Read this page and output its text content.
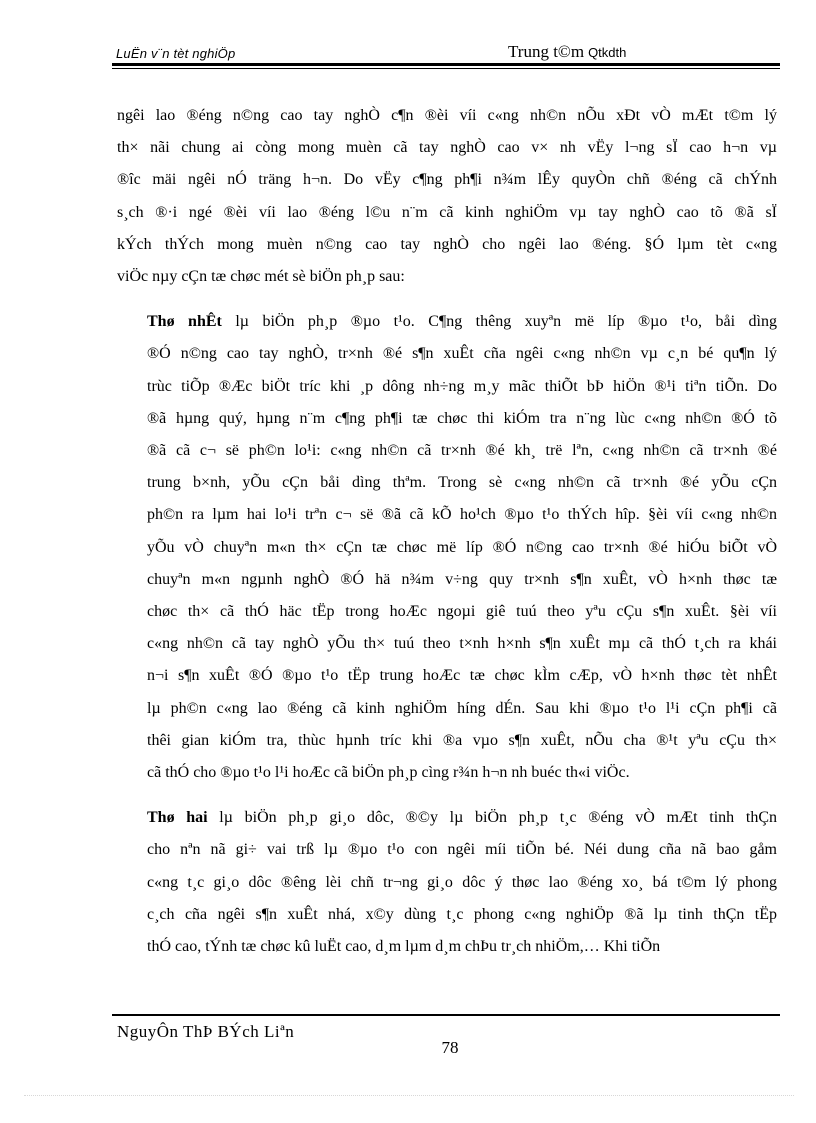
LuËn v¨n tèt nghiÖp	Trung t©m Qtkdth

ngêi lao ®éng n©ng cao tay nghÒ c¶n ®èi víi c«ng nh©n nÕu xÐt vÒ mÆt t©m lý
th× nãi chung ai còng mong muèn cã tay nghÒ cao v× nh vËy l¬ng sÏ cao h¬n vµ
®îc mäi ngêi nÓ träng h¬n. Do vËy c¶ng ph¶i n¾m lÊy quyÒn chñ ®éng cã chÝnh
s¸ch ®·i ngé ®èi víi lao ®éng l©u n¨m cã kinh nghiÖm vµ tay nghÒ cao tõ ®ã sÏ
kÝch thÝch mong muèn n©ng cao tay nghÒ cho ngêi lao ®éng. §Ó lµm tèt c«ng
viÖc nµy cÇn tæ chøc mét sè biÖn ph¸p sau:

Thø nhÊt lµ biÖn ph¸p ®µo t¹o. C¶ng thêng xuyªn më líp ®µo t¹o, båi dìng
®Ó n©ng cao tay nghÒ, tr×nh ®é s¶n xuÊt cña ngêi c«ng nh©n vµ c¸n bé qu¶n lý
trùc tiÕp ®Æc biÖt tríc khi ¸p dông nh÷ng m¸y mãc thiÕt bÞ hiÖn ®¹i tiªn tiÕn. Do
®ã hµng quý, hµng n¨m c¶ng ph¶i tæ chøc thi kiÓm tra n¨ng lùc c«ng nh©n ®Ó tõ
®ã cã c¬ së ph©n lo¹i: c«ng nh©n cã tr×nh ®é kh¸ trë lªn, c«ng nh©n cã tr×nh ®é
trung b×nh, yÕu cÇn båi dìng thªm. Trong sè c«ng nh©n cã tr×nh ®é yÕu cÇn
ph©n ra lµm hai lo¹i trªn c¬ së ®ã cã kÕ ho¹ch ®µo t¹o thÝch hîp. §èi víi c«ng nh©n
yÕu vÒ chuyªn m«n th× cÇn tæ chøc më líp ®Ó n©ng cao tr×nh ®é hiÓu biÕt vÒ
chuyªn m«n ngµnh nghÒ ®Ó hä n¾m v÷ng quy tr×nh s¶n xuÊt, vÒ h×nh thøc tæ
chøc th× cã thÓ häc tËp trong hoÆc ngoµi giê tuú theo yªu cÇu s¶n xuÊt. §èi víi
c«ng nh©n cã tay nghÒ yÕu th× tuú theo t×nh h×nh s¶n xuÊt mµ cã thÓ t¸ch ra khái
n¬i s¶n xuÊt ®Ó ®µo t¹o tËp trung hoÆc tæ chøc kÌm cÆp, vÒ h×nh thøc tèt nhÊt
lµ ph©n c«ng lao ®éng cã kinh nghiÖm híng dÉn. Sau khi ®µo t¹o l¹i cÇn ph¶i cã
thêi gian kiÓm tra, thùc hµnh tríc khi ®a vµo s¶n xuÊt, nÕu cha ®¹t yªu cÇu th×
cã thÓ cho ®µo t¹o l¹i hoÆc cã biÖn ph¸p cìng r¾n h¬n nh buéc th«i viÖc.

Thø hai lµ biÖn ph¸p gi¸o dôc, ®©y lµ biÖn ph¸p t¸c ®éng vÒ mÆt tinh thÇn
cho nªn nã gi÷ vai trß lµ ®µo t¹o con ngêi míi tiÕn bé. Néi dung cña nã bao gåm
c«ng t¸c gi¸o dôc ®êng lèi chñ tr¬ng gi¸o dôc ý thøc lao ®éng xo¸ bá t©m lý phong
c¸ch cña ngêi s¶n xuÊt nhá, x©y dùng t¸c phong c«ng nghiÖp ®ã lµ tinh thÇn tËp
thÓ cao, tÝnh tæ chøc kû luËt cao, d¸m lµm d¸m chÞu tr¸ch nhiÖm,… Khi tiÕn

NguyÔn ThÞ BÝch Liªn
78
